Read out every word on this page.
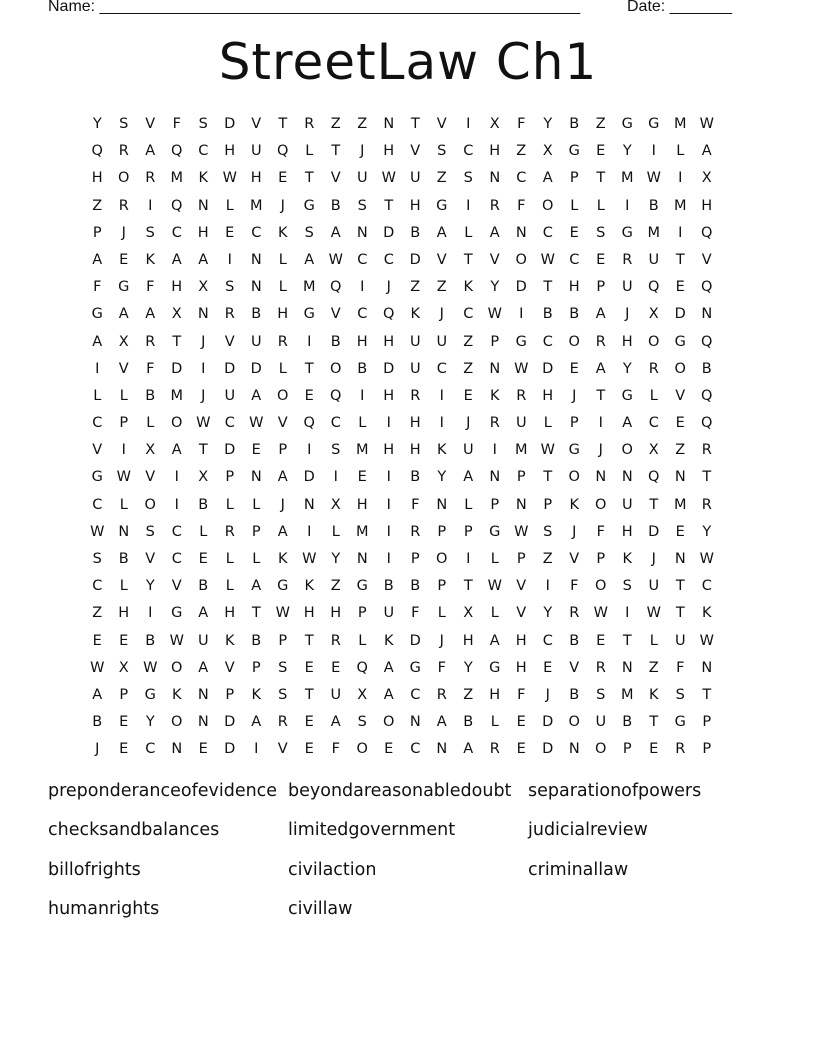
Name: ______________________________________________________	Date: _______
StreetLaw Ch1
Y	S	V	F	S	D	V	T	R	Z	Z	N	T	V	I	X	F	Y	B	Z	G	G	M W
Q	R	A	Q	C	H	U	Q	L	T	J	H	V	S	C	H	Z	X	G	E	Y	I	L	A
H	O	R	M	K	W H	E	T	V	U W U	Z	S	N	C	A	P	T	M W	I	X
Z	R	I	Q	N	L	M	J	G	B	S	T	H	G	I	R	F	O	L	L	I	B	M	H
P	J	S	C	H	E	C	K	S	A	N	D	B	A	L	A	N	C	E	S	G	M	I	Q
A	E	K	A	A	I	N	L	A W C	C	D	V	T	V	O W C	E	R	U	T	V
F	G	F	H	X	S	N	L	M	Q	I	J	Z	Z	K	Y	D	T	H	P	U	Q	E	Q
G	A	A	X	N	R	B	H	G	V	C	Q	K	J	C W	I	B	B	A	J	X	D	N
A	X	R	T	J	V	U	R	I	B	H	H	U	U	Z	P	G	C	O	R	H	O	G	Q
I	V	F	D	I	D	D	L	T	O	B	D	U	C	Z	N W D	E	A	Y	R	O	B
L	L	B	M	J	U	A	O	E	Q	I	H	R	I	E	K	R	H	J	T	G	L	V	Q
C	P	L	O W C W V	Q	C	L	I	H	I	J	R	U	L	P	I	A	C	E	Q
V	I	X	A	T	D	E	P	I	S	M	H	H	K	U	I	M W G	J	O	X	Z	R
G W V	I	X	P	N	A	D	I	E	I	B	Y	A	N	P	T	O	N	N	Q	N	T
C	L	O	I	B	L	L	J	N	X	H	I	F	N	L	P	N	P	K	O	U	T	M	R
W N	S	C	L	R	P	A	I	L	M	I	R	P	P	G W	S	J	F	H	D	E	Y
S	B	V	C	E	L	L	K	W	Y	N	I	P	O	I	L	P	Z	V	P	K	J	N W
C	L	Y	V	B	L	A	G	K	Z	G	B	B	P	T	W V	I	F	O	S	U	T	C
Z	H	I	G	A	H	T	W H	H	P	U	F	L	X	L	V	Y	R W	I	W	T	K
E	E	B W U	K	B	P	T	R	L	K	D	J	H	A	H	C	B	E	T	L	U W
W X W O	A	V	P	S	E	E	Q	A	G	F	Y	G	H	E	V	R	N	Z	F	N
A	P	G	K	N	P	K	S	T	U	X	A	C	R	Z	H	F	J	B	S	M	K	S	T
B	E	Y	O	N	D	A	R	E	A	S	O	N	A	B	L	E	D	O	U	B	T	G	P
J	E	C	N	E	D	I	V	E	F	O	E	C	N	A	R	E	D	N	O	P	E	R	P
preponderanceofevidence beyondareasonabledoubt separationofpowers
checksandbalances	limitedgovernment	judicialreview
billofrights	civilaction	criminallaw
humanrights	civillaw
